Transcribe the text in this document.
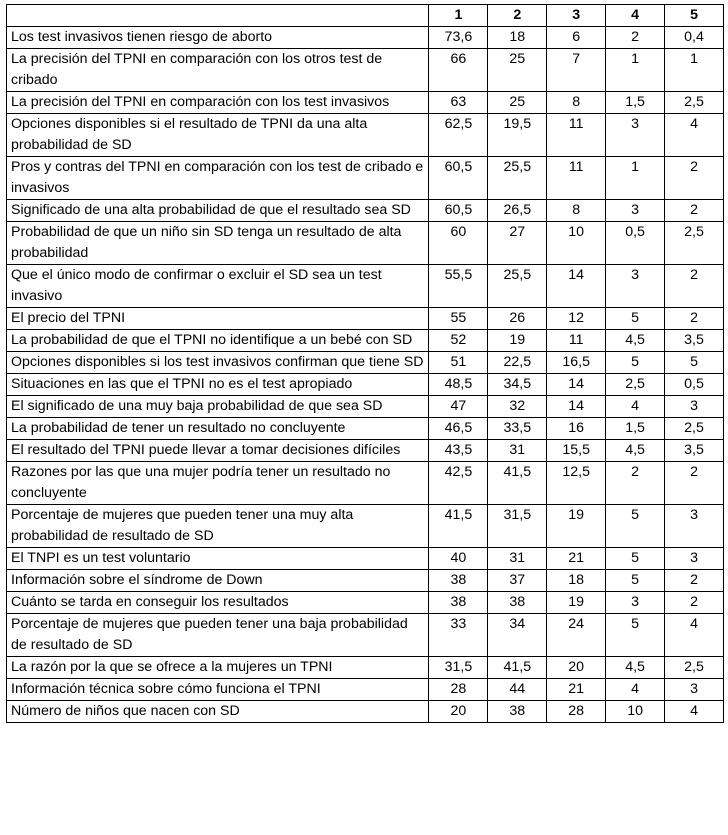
	1	2	3	4	5
Los test invasivos tienen riesgo de aborto	73,6	18	6	2	0,4
La precisión del TPNI en comparación con los otros test de cribado	66	25	7	1	1
La precisión del TPNI en comparación con los test invasivos	63	25	8	1,5	2,5
Opciones disponibles si el resultado de TPNI da una alta probabilidad de SD	62,5	19,5	11	3	4
Pros y contras del TPNI en comparación con los test de cribado e invasivos	60,5	25,5	11	1	2
Significado de una alta probabilidad de que el resultado sea SD	60,5	26,5	8	3	2
Probabilidad de que un niño sin SD tenga un resultado de alta probabilidad	60	27	10	0,5	2,5
Que el único modo de confirmar o excluir el SD sea un test invasivo	55,5	25,5	14	3	2
El precio del TPNI	55	26	12	5	2
La probabilidad de que el TPNI no identifique a un bebé con SD	52	19	11	4,5	3,5
Opciones disponibles si los test invasivos confirman que tiene SD	51	22,5	16,5	5	5
Situaciones en las que el TPNI no es el test apropiado	48,5	34,5	14	2,5	0,5
El significado de una muy baja probabilidad de que sea SD	47	32	14	4	3
La probabilidad de tener un resultado no concluyente	46,5	33,5	16	1,5	2,5
El resultado del TPNI puede llevar a tomar decisiones difíciles	43,5	31	15,5	4,5	3,5
Razones por las que una mujer podría tener un resultado no concluyente	42,5	41,5	12,5	2	2
Porcentaje de mujeres que pueden tener una muy alta probabilidad de resultado de SD	41,5	31,5	19	5	3
El TNPI es un test voluntario	40	31	21	5	3
Información sobre el síndrome de Down	38	37	18	5	2
Cuánto se tarda en conseguir los resultados	38	38	19	3	2
Porcentaje de mujeres que pueden tener una baja probabilidad de resultado de SD	33	34	24	5	4
La razón por la que se ofrece a la mujeres un TPNI	31,5	41,5	20	4,5	2,5
Información técnica sobre cómo funciona el TPNI	28	44	21	4	3
Número de niños que nacen con SD	20	38	28	10	4
